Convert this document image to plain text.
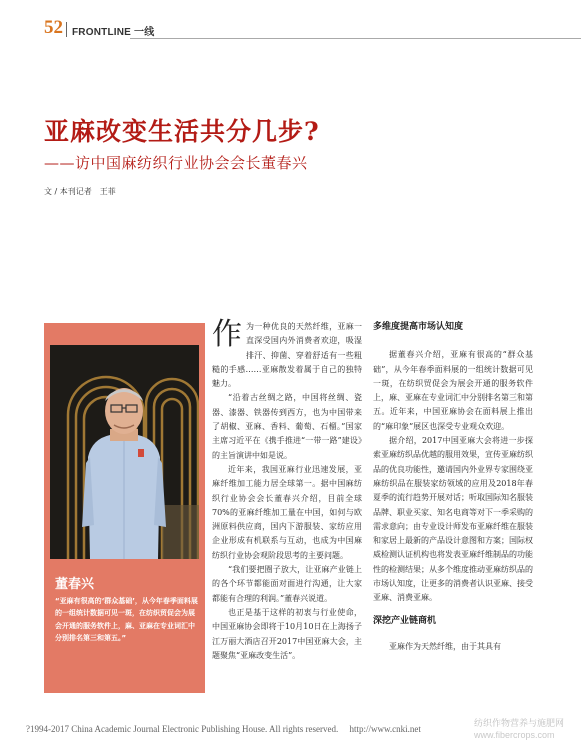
52 FRONTLINE 一线
亚麻改变生活共分几步?
——访中国麻纺织行业协会会长董春兴
文 / 本刊记者　王菲
董春兴
“亚麻有很高的‘群众基础’，从今年春季面料展的一组统计数据可见一斑，在纺织贸促会为展会开通的服务软件上，麻、亚麻在专业词汇中分别排名第三和第五。”

作为一种优良的天然纤维，亚麻一直深受国内外消费者欢迎，吸湿排汗、抑菌、穿着舒适有一些粗糙的手感……亚麻散发着属于自己的独特魅力。

“沿着古丝绸之路，中国将丝绸、瓷器、漆器、铁器传到西方，也为中国带来了胡椒、亚麻、香料、葡萄、石榴。”国家主席习近平在《携手推进“一带一路”建设》的主旨演讲中如是说。

近年来，我国亚麻行业迅速发展，亚麻纤维加工能力居全球第一。据中国麻纺织行业协会会长董春兴介绍，目前全球70%的亚麻纤维加工量在中国，如何与欧洲原料供应商，国内下游服装、家纺应用企业形成有机联系与互动，也成为中国麻纺织行业协会观阶段思考的主要问题。

“我们要把圈子放大，让亚麻产业链上的各个环节都能面对面进行沟通，让大家都能有合理的利润。”董春兴说道。

也正是基于这样的初衷与行业使命，中国亚麻协会即将于10月10日在上海扬子江万丽大酒店召开2017中国亚麻大会，主题聚焦“亚麻改变生活”。

多维度提高市场认知度

据董春兴介绍，亚麻有很高的“群众基础”，从今年春季面料展的一组统计数据可见一斑，在纺织贸促会为展会开通的服务软件上，麻、亚麻在专业词汇中分别排名第三和第五。近年来，中国亚麻协会在面料展上推出的“麻印象”展区也深受专业观众欢迎。

据介绍，2017中国亚麻大会将进一步探索亚麻纺织品优越的服用效果，宣传亚麻纺织品的优良功能性，邀请国内外业界专家围绕亚麻纺织品在服装家纺领域的应用及2018年春夏季的流行趋势开展对话；听取国际知名服装品牌、职业买家、知名电商等对下一季采购的需求意向；由专业设计师发布亚麻纤维在服装和家居上最新的产品设计意图和方案；国际权威检测认证机构也将发表亚麻纤维制品的功能性的检测结果；从多个维度推动亚麻纺织品的市场认知度，让更多的消费者认识亚麻、接受亚麻、消费亚麻。

深挖产业链商机

亚麻作为天然纤维，由于其具有

?1994-2017 China Academic Journal Electronic Publishing House. All rights reserved.　 http://www.cnki.net
纺织作物营养与施肥网
www.fibercrops.com
